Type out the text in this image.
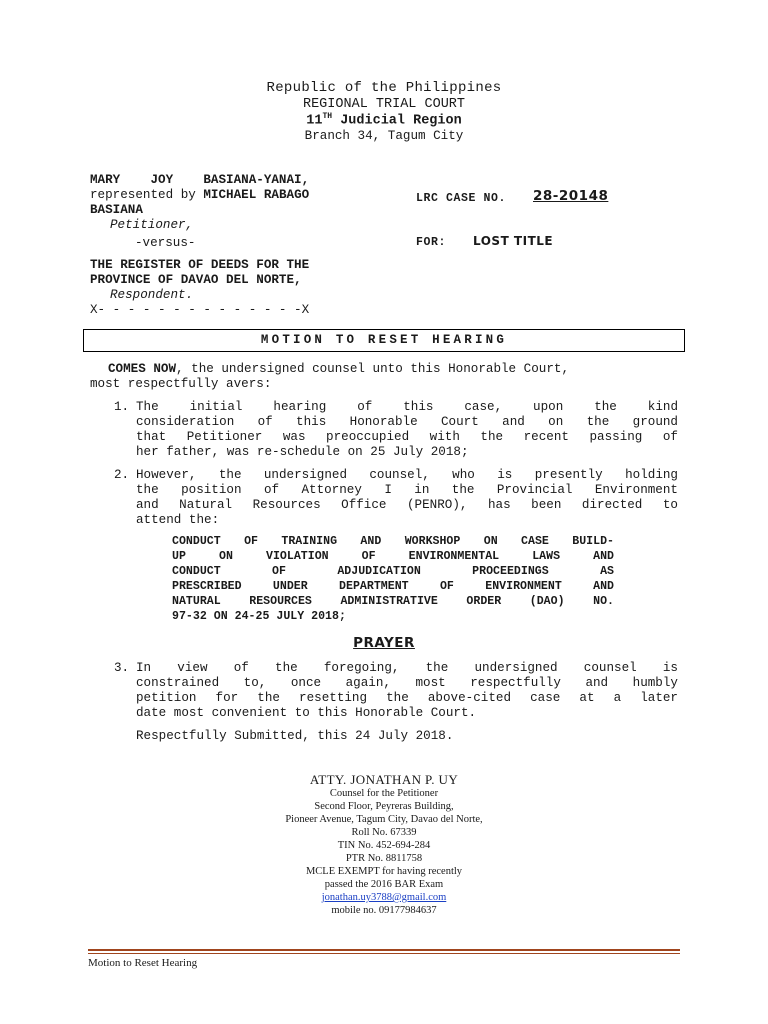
Republic of the Philippines
REGIONAL TRIAL COURT
11TH Judicial Region
Branch 34, Tagum City
MARY    JOY    BASIANA-YANAI,
represented by MICHAEL RABAGO
BASIANA
Petitioner,
-versus-
THE REGISTER OF DEEDS FOR THE
PROVINCE OF DAVAO DEL NORTE,
Respondent.
X- - - - - - - - - - - - - -X
LRC CASE NO. 28-20148
FOR: LOST TITLE
MOTION TO RESET HEARING
COMES NOW, the undersigned counsel unto this Honorable Court,
most respectfully avers:
1. The initial hearing of this case, upon the kind
consideration of this Honorable Court and on the ground
that Petitioner was preoccupied with the recent passing of
her father, was re-schedule on 25 July 2018;
2. However, the undersigned counsel, who is presently holding
the position of Attorney I in the Provincial Environment
and Natural Resources Office (PENRO), has been directed to
attend the:
CONDUCT OF TRAINING AND WORKSHOP ON CASE BUILD-
UP ON VIOLATION OF ENVIRONMENTAL LAWS AND
CONDUCT OF ADJUDICATION PROCEEDINGS AS
PRESCRIBED UNDER DEPARTMENT OF ENVIRONMENT AND
NATURAL RESOURCES ADMINISTRATIVE ORDER (DAO) NO.
97-32 ON 24-25 JULY 2018;
PRAYER
3. In view of the foregoing, the undersigned counsel is
constrained to, once again, most respectfully and humbly
petition for the resetting the above-cited case at a later
date most convenient to this Honorable Court.
Respectfully Submitted, this 24 July 2018.
ATTY. JONATHAN P. UY
Counsel for the Petitioner
Second Floor, Peyreras Building,
Pioneer Avenue, Tagum City, Davao del Norte,
Roll No. 67339
TIN No. 452-694-284
PTR No. 8811758
MCLE EXEMPT for having recently
passed the 2016 BAR Exam
jonathan.uy3788@gmail.com
mobile no. 09177984637
Motion to Reset Hearing
